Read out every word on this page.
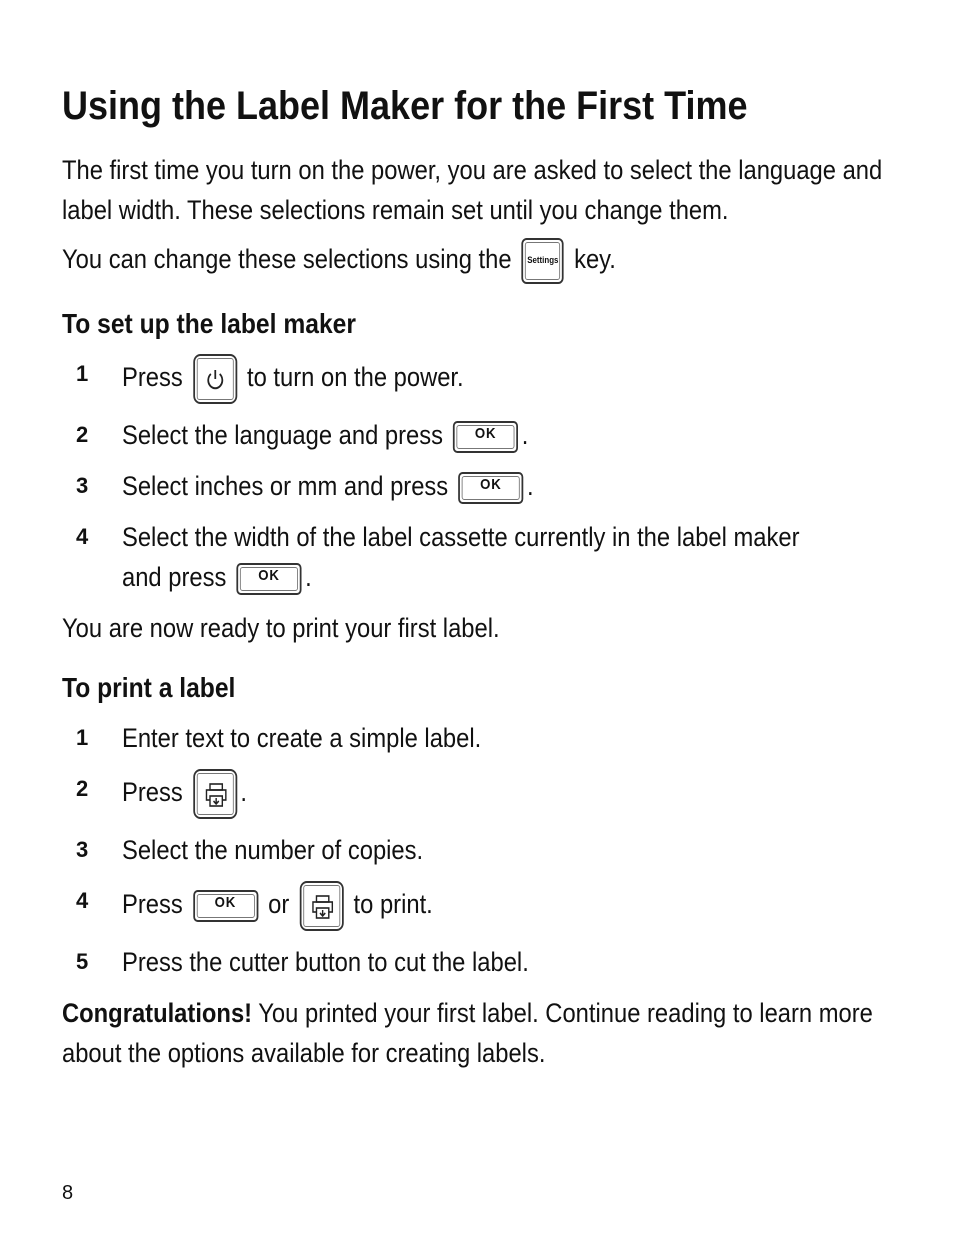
Using the Label Maker for the First Time

The first time you turn on the power, you are asked to select the language and label width. These selections remain set until you change them.

You can change these selections using the Settings key.

To set up the label maker
1	Press to turn on the power.
2	Select the language and press OK .
3	Select inches or mm and press OK .
4	Select the width of the label cassette currently in the label maker and press OK .

You are now ready to print your first label.

To print a label
1	Enter text to create a simple label.
2	Press .
3	Select the number of copies.
4	Press OK or to print.
5	Press the cutter button to cut the label.

Congratulations! You printed your first label. Continue reading to learn more about the options available for creating labels.

8
